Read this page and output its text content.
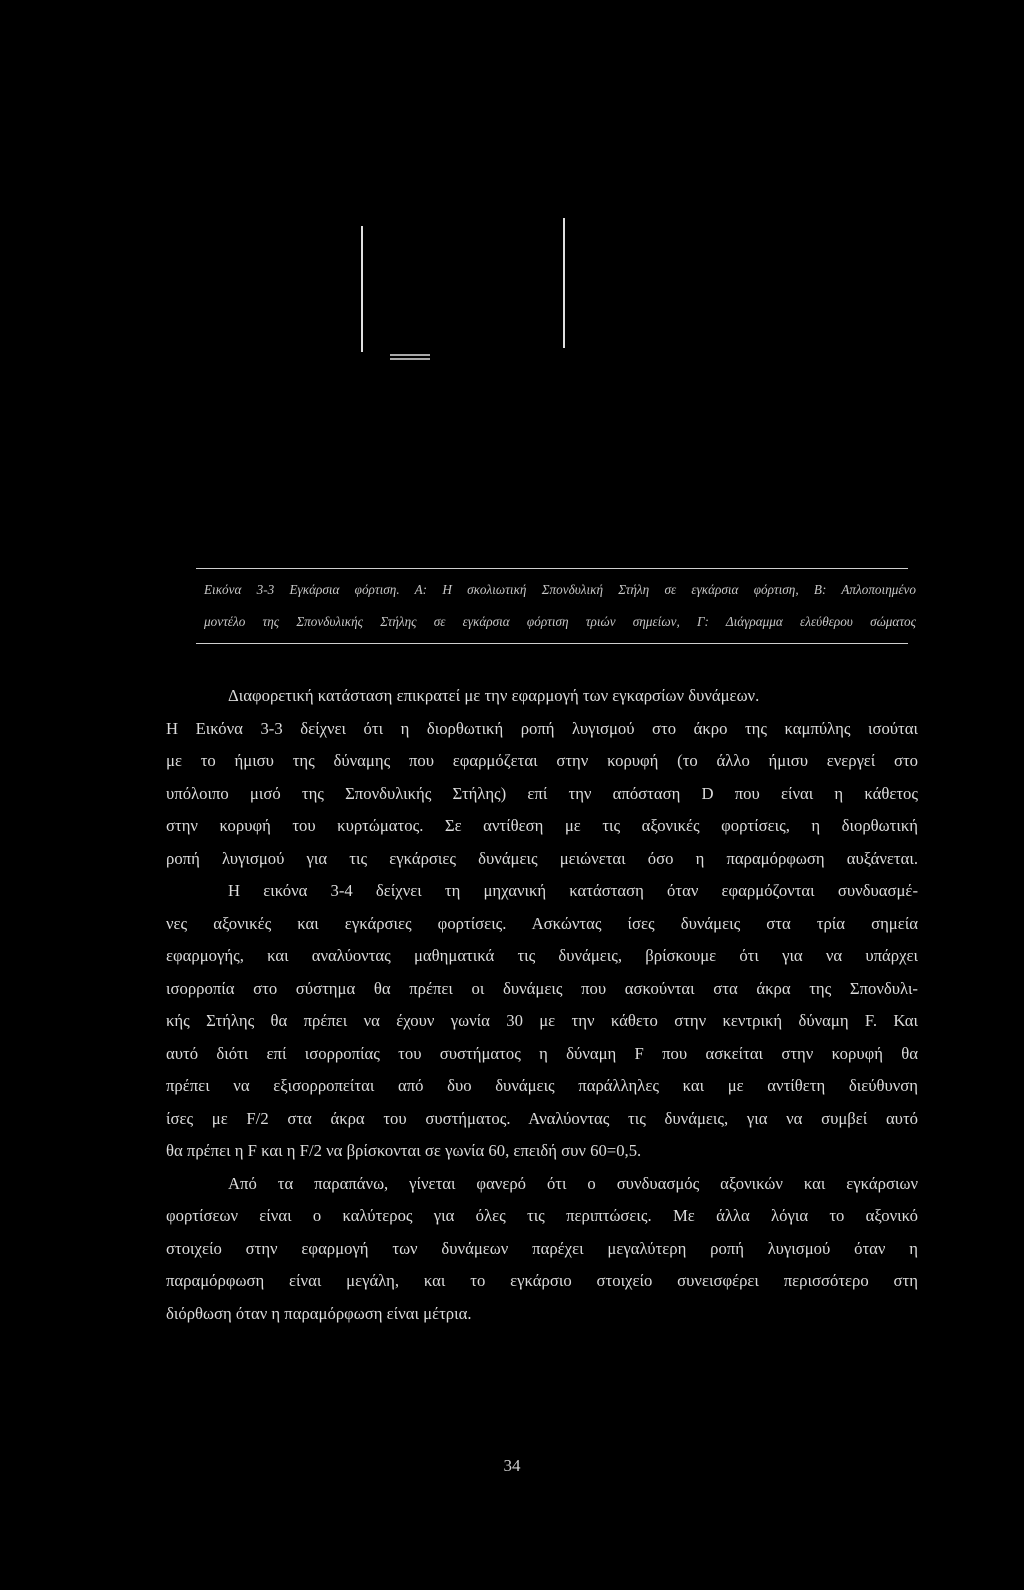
Εικόνα 3-3 Εγκάρσια φόρτιση. Α: Η σκολιωτική Σπονδυλική Στήλη σε εγκάρσια φόρτιση, Β: Απλοποιημένο
μοντέλο της Σπονδυλικής Στήλης σε εγκάρσια φόρτιση τριών σημείων, Γ: Διάγραμμα ελεύθερου σώματος
Διαφορετική κατάσταση επικρατεί με την εφαρμογή των εγκαρσίων δυνάμεων.
Η Εικόνα 3-3 δείχνει ότι η διορθωτική ροπή λυγισμού στο άκρο της καμπύλης ισούται
με το ήμισυ της δύναμης που εφαρμόζεται στην κορυφή (το άλλο ήμισυ ενεργεί στο
υπόλοιπο μισό της Σπονδυλικής Στήλης) επί την απόσταση D που είναι η κάθετος
στην κορυφή του κυρτώματος. Σε αντίθεση με τις αξονικές φορτίσεις, η διορθωτική
ροπή λυγισμού για τις εγκάρσιες δυνάμεις μειώνεται όσο η παραμόρφωση αυξάνεται.
Η εικόνα 3-4 δείχνει τη μηχανική κατάσταση όταν εφαρμόζονται συνδυασμέ-
νες αξονικές και εγκάρσιες φορτίσεις. Ασκώντας ίσες δυνάμεις στα τρία σημεία
εφαρμογής, και αναλύοντας μαθηματικά τις δυνάμεις, βρίσκουμε ότι για να υπάρχει
ισορροπία στο σύστημα θα πρέπει οι δυνάμεις που ασκούνται στα άκρα της Σπονδυλι-
κής Στήλης θα πρέπει να έχουν γωνία 30 με την κάθετο στην κεντρική δύναμη F. Και
αυτό διότι επί ισορροπίας του συστήματος η δύναμη F που ασκείται στην κορυφή θα
πρέπει να εξισορροπείται από δυο δυνάμεις παράλληλες και με αντίθετη διεύθυνση
ίσες με F/2 στα άκρα του συστήματος. Αναλύοντας τις δυνάμεις, για να συμβεί αυτό
θα πρέπει η F και η F/2 να βρίσκονται σε γωνία 60, επειδή συν 60=0,5.
Από τα παραπάνω, γίνεται φανερό ότι ο συνδυασμός αξονικών και εγκάρσιων
φορτίσεων είναι ο καλύτερος για όλες τις περιπτώσεις. Με άλλα λόγια το αξονικό
στοιχείο στην εφαρμογή των δυνάμεων παρέχει μεγαλύτερη ροπή λυγισμού όταν η
παραμόρφωση είναι μεγάλη, και το εγκάρσιο στοιχείο συνεισφέρει περισσότερο στη
διόρθωση όταν η παραμόρφωση είναι μέτρια.
34
